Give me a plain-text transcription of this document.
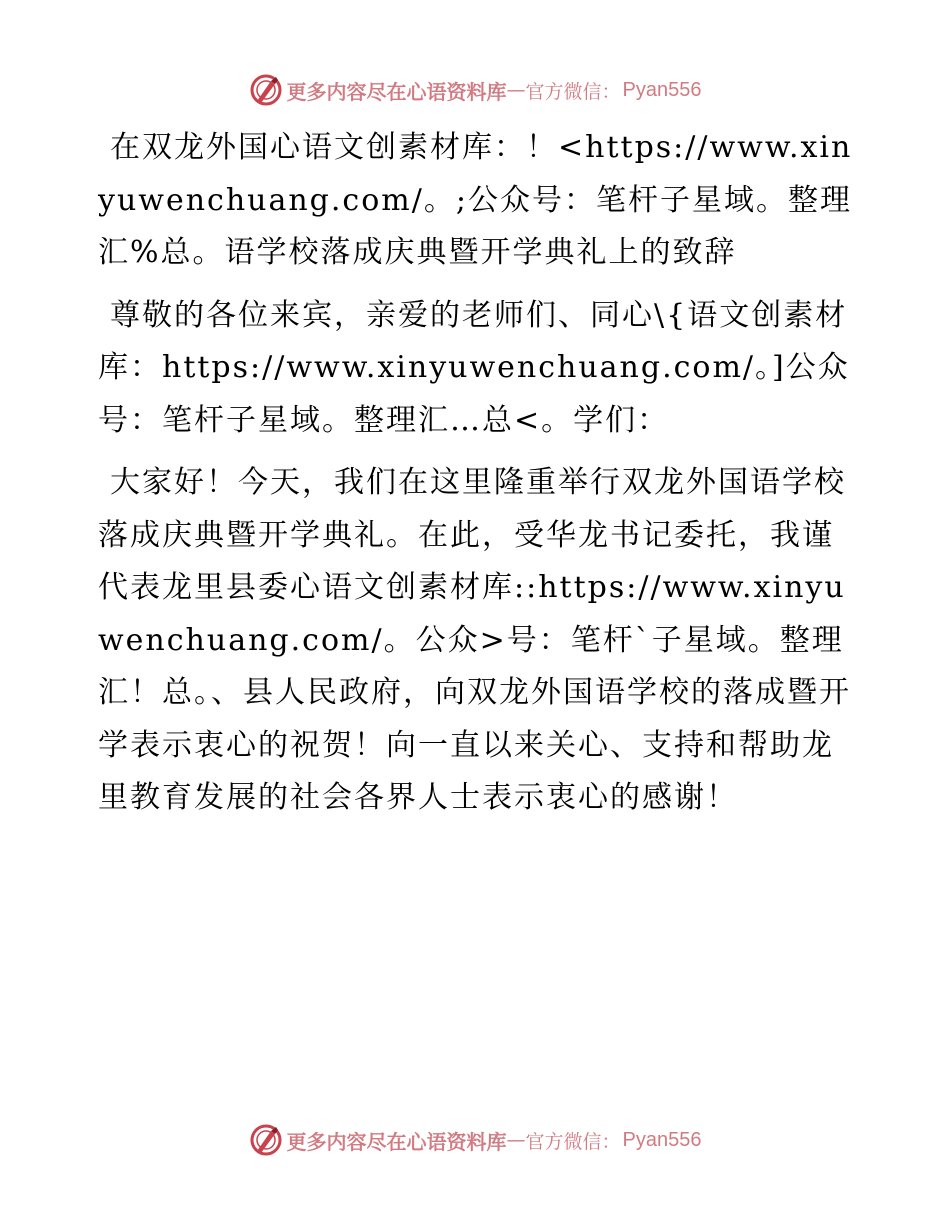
更多内容尽在心语资料库 — 官方微信： Pyan556

在双龙外国心语文创素材库：！<https://www.xinyuwenchuang.com/。;公众号：笔杆子星域。整理汇%总。语学校落成庆典暨开学典礼上的致辞

尊敬的各位来宾，亲爱的老师们、同心\{语文创素材库：https://www.xinyuwenchuang.com/。]公众号：笔杆子星域。整理汇…总<。学们：

大家好！今天，我们在这里隆重举行双龙外国语学校落成庆典暨开学典礼。在此，受华龙书记委托，我谨代表龙里县委心语文创素材库::https://www.xinyuwenchuang.com/。公众>号：笔杆`子星域。整理汇！总。、县人民政府，向双龙外国语学校的落成暨开学表示衷心的祝贺！向一直以来关心、支持和帮助龙里教育发展的社会各界人士表示衷心的感谢！

更多内容尽在心语资料库 — 官方微信： Pyan556
